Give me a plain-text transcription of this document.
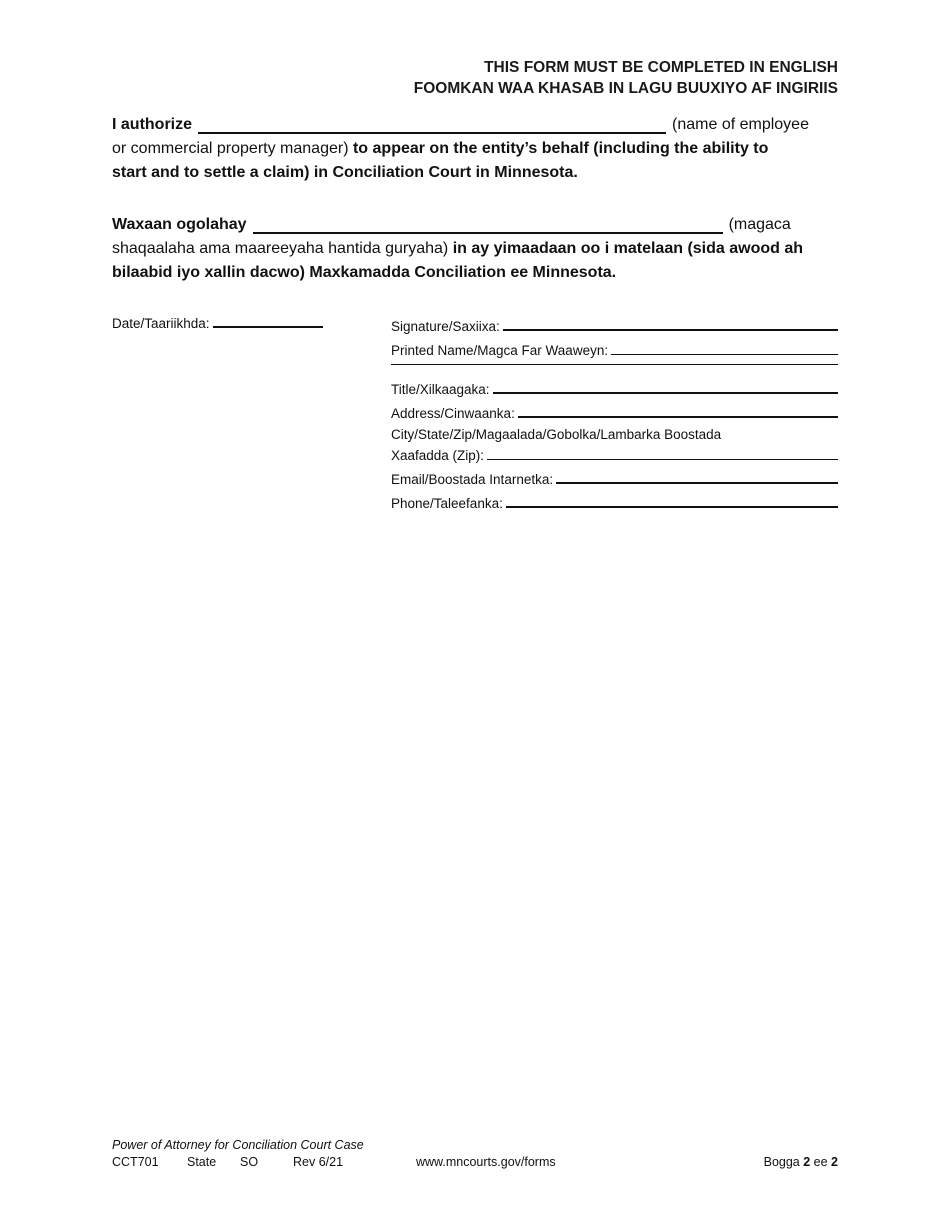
THIS FORM MUST BE COMPLETED IN ENGLISH
FOOMKAN WAA KHASAB IN LAGU BUUXIYO AF INGIRIIS
I authorize	(name of employee
or commercial property manager) to appear on the entity’s behalf (including the ability to
start and to settle a claim) in Conciliation Court in Minnesota.
Waxaan ogolahay	(magaca
shaqaalaha ama maareeyaha hantida guryaha) in ay yimaadaan oo i matelaan (sida awood ah
bilaabid iyo xallin dacwo) Maxkamadda Conciliation ee Minnesota.
Date/Taariikhda:	Signature/Saxiixa:
Printed Name/Magca Far Waaweyn:
Title/Xilkaagaka:
Address/Cinwaanka:
City/State/Zip/Magaalada/Gobolka/Lambarka Boostada
Xaafadda (Zip):
Email/Boostada Intarnetka:
Phone/Taleefanka:
Power of Attorney for Conciliation Court Case
CCT701 State SO	Rev 6/21	www.mncourts.gov/forms	Bogga 2 ee 2
